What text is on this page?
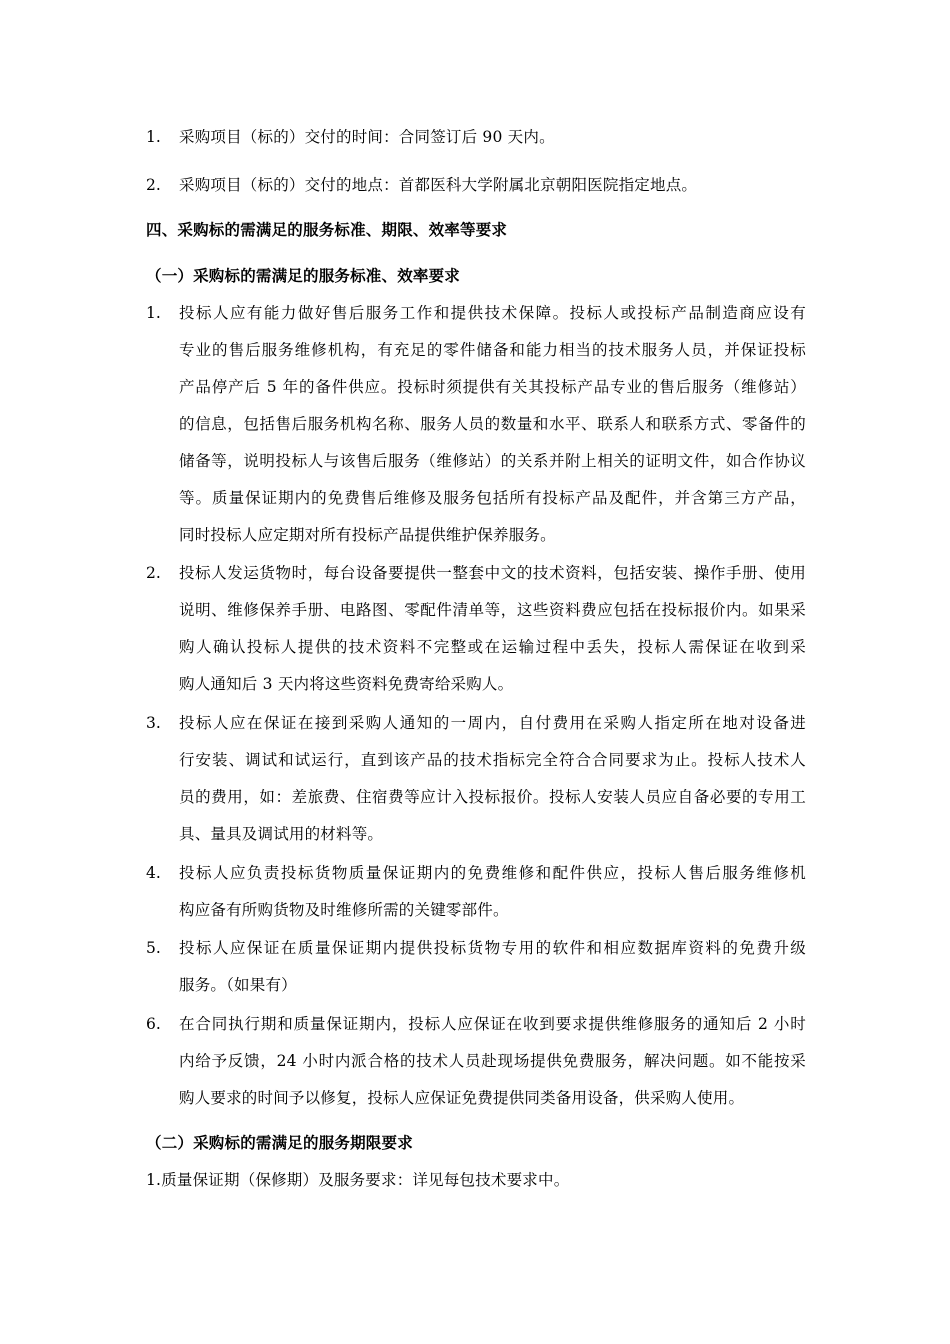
1. 采购项目（标的）交付的时间：合同签订后 90 天内。
2. 采购项目（标的）交付的地点：首都医科大学附属北京朝阳医院指定地点。
四、采购标的需满足的服务标准、期限、效率等要求
（一）采购标的需满足的服务标准、效率要求
1. 投标人应有能力做好售后服务工作和提供技术保障。投标人或投标产品制造商应设有
专业的售后服务维修机构，有充足的零件储备和能力相当的技术服务人员，并保证投标
产品停产后 5 年的备件供应。投标时须提供有关其投标产品专业的售后服务（维修站）
的信息，包括售后服务机构名称、服务人员的数量和水平、联系人和联系方式、零备件的
储备等，说明投标人与该售后服务（维修站）的关系并附上相关的证明文件，如合作协议
等。质量保证期内的免费售后维修及服务包括所有投标产品及配件，并含第三方产品，
同时投标人应定期对所有投标产品提供维护保养服务。
2. 投标人发运货物时，每台设备要提供一整套中文的技术资料，包括安装、操作手册、使用
说明、维修保养手册、电路图、零配件清单等，这些资料费应包括在投标报价内。如果采
购人确认投标人提供的技术资料不完整或在运输过程中丢失，投标人需保证在收到采
购人通知后 3 天内将这些资料免费寄给采购人。
3. 投标人应在保证在接到采购人通知的一周内，自付费用在采购人指定所在地对设备进
行安装、调试和试运行，直到该产品的技术指标完全符合合同要求为止。投标人技术人
员的费用，如：差旅费、住宿费等应计入投标报价。投标人安装人员应自备必要的专用工
具、量具及调试用的材料等。
4. 投标人应负责投标货物质量保证期内的免费维修和配件供应，投标人售后服务维修机
构应备有所购货物及时维修所需的关键零部件。
5. 投标人应保证在质量保证期内提供投标货物专用的软件和相应数据库资料的免费升级
服务。（如果有）
6. 在合同执行期和质量保证期内，投标人应保证在收到要求提供维修服务的通知后 2 小时
内给予反馈，24 小时内派合格的技术人员赴现场提供免费服务，解决问题。如不能按采
购人要求的时间予以修复，投标人应保证免费提供同类备用设备，供采购人使用。
（二）采购标的需满足的服务期限要求
1.质量保证期（保修期）及服务要求：详见每包技术要求中。
